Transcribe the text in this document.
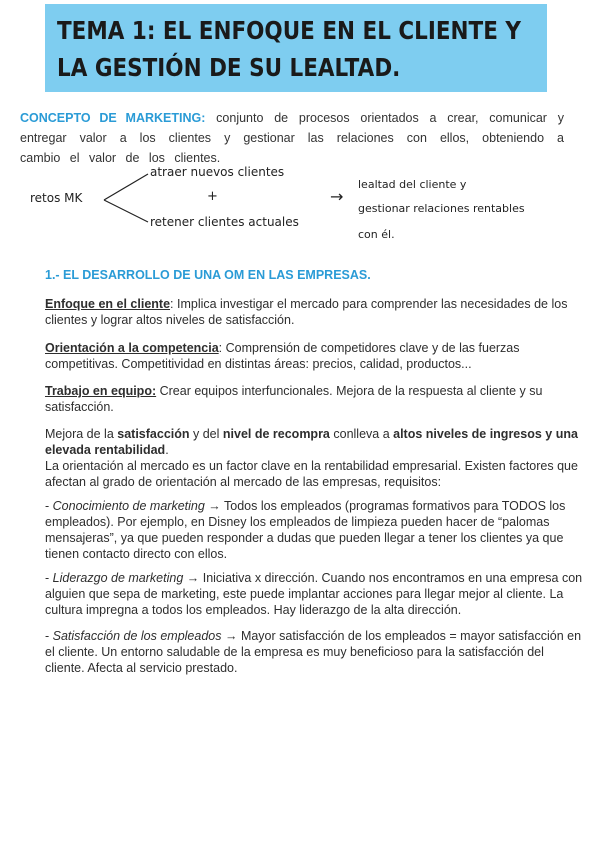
TEMA 1: EL ENFOQUE EN EL CLIENTE Y LA GESTIÓN DE SU LEALTAD.

CONCEPTO DE MARKETING: conjunto de procesos orientados a crear, comunicar y entregar valor a los clientes y gestionar las relaciones con ellos, obteniendo a cambio el valor de los clientes.

retos MK
atraer nuevos clientes
+
retener clientes actuales
→
lealtad del cliente y
gestionar relaciones rentables
con él.
1.- EL DESARROLLO DE UNA OM EN LAS EMPRESAS.

Enfoque en el cliente: Implica investigar el mercado para comprender las necesidades de los clientes y lograr altos niveles de satisfacción.

Orientación a la competencia: Comprensión de competidores clave y de las fuerzas competitivas. Competitividad en distintas áreas: precios, calidad, productos...

Trabajo en equipo: Crear equipos interfuncionales. Mejora de la respuesta al cliente y su satisfacción.

Mejora de la satisfacción y del nivel de recompra conlleva a altos niveles de ingresos y una elevada rentabilidad.

La orientación al mercado es un factor clave en la rentabilidad empresarial. Existen factores que afectan al grado de orientación al mercado de las empresas, requisitos:

- Conocimiento de marketing → Todos los empleados (programas formativos para TODOS los empleados). Por ejemplo, en Disney los empleados de limpieza pueden hacer de “palomas mensajeras”, ya que pueden responder a dudas que pueden llegar a tener los clientes ya que tienen contacto directo con ellos.

- Liderazgo de marketing → Iniciativa x dirección. Cuando nos encontramos en una empresa con alguien que sepa de marketing, este puede implantar acciones para llegar mejor al cliente. La cultura impregna a todos los empleados. Hay liderazgo de la alta dirección.

- Satisfacción de los empleados → Mayor satisfacción de los empleados = mayor satisfacción en el cliente. Un entorno saludable de la empresa es muy beneficioso para la satisfacción del cliente. Afecta al servicio prestado.
